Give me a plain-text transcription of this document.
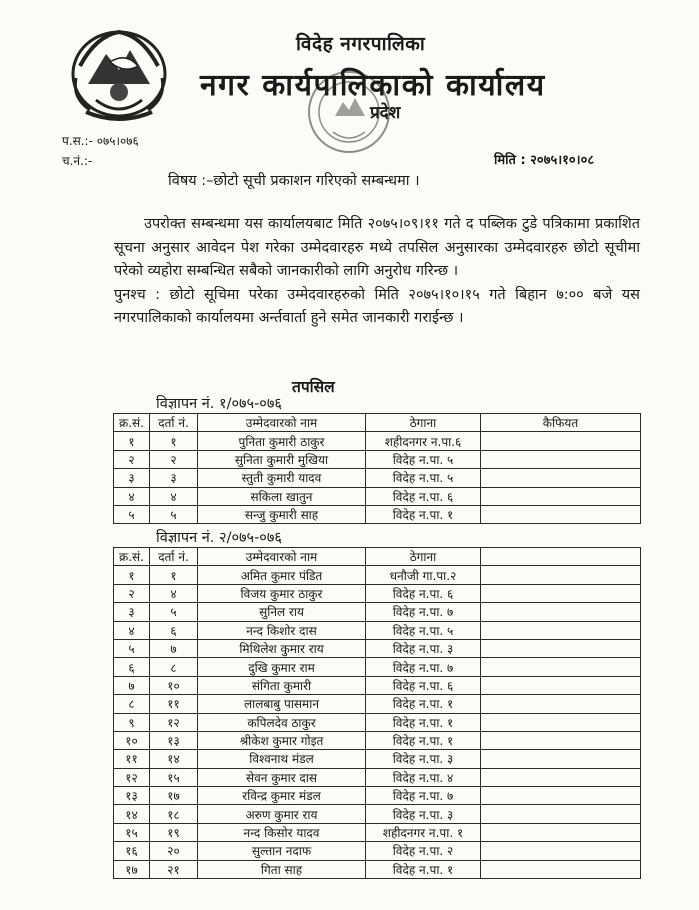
विदेह नगरपालिका
नगर कार्यपालिकाको कार्यालय
प्रदेश
प.स.:- ०७५।०७६
च.नं.:-	मिति : २०७५।१०।०८
विषय :–छोटो सूची प्रकाशन गरिएको सम्बन्धमा ।

उपरोक्त सम्बन्धमा यस कार्यालयबाट मिति २०७५।०९।११ गते द पब्लिक टुडे पत्रिकामा प्रकाशित सूचना अनुसार आवेदन पेश गरेका उम्मेदवारहरु मध्ये तपसिल अनुसारका उम्मेदवारहरु छोटो सूचीमा परेको व्यहोरा सम्बन्धित सबैको जानकारीको लागि अनुरोध गरिन्छ ।

पुनश्च : छोटो सूचिमा परेका उम्मेदवारहरुको मिति २०७५।१०।१५ गते बिहान ७:०० बजे यस नगरपालिकाको कार्यालयमा अर्न्तवार्ता हुने समेत जानकारी गराईन्छ ।

तपसिल
विज्ञापन नं. १/०७५-०७६
क्र.सं.	दर्ता नं.	उम्मेदवारको नाम	ठेगाना	कैफियत
१	१	पुनिता कुमारी ठाकुर	शहीदनगर न.पा.६	
२	२	सुनिता कुमारी मुखिया	विदेह न.पा. ५	
३	३	स्तुती कुमारी यादव	विदेह न.पा. ५	
४	४	सकिला खातुन	विदेह न.पा. ६	
५	५	सन्जु कुमारी साह	विदेह न.पा. १	
विज्ञापन नं. २/०७५-०७६
क्र.सं.	दर्ता नं.	उम्मेदवारको नाम	ठेगाना	
१	१	अमित कुमार पंडित	धनौजी गा.पा.२	
२	४	विजय कुमार ठाकुर	विदेह न.पा. ६	
३	५	सुनिल राय	विदेह न.पा. ७	
४	६	नन्द किशोर दास	विदेह न.पा. ५	
५	७	मिथिलेश कुमार राय	विदेह न.पा. ३	
६	८	दुखि कुमार राम	विदेह न.पा. ७	
७	१०	संगिता कुमारी	विदेह न.पा. ६	
८	११	लालबाबु पासमान	विदेह न.पा. १	
९	१२	कपिलदेव ठाकुर	विदेह न.पा. १	
१०	१३	श्रीकेश कुमार गोइत	विदेह न.पा. १	
११	१४	विश्वनाथ मंडल	विदेह न.पा. ३	
१२	१५	सेवन कुमार दास	विदेह न.पा. ४	
१३	१७	रविन्द्र कुमार मंडल	विदेह न.पा. ७	
१४	१८	अरुण कुमार राय	विदेह न.पा. ३	
१५	१९	नन्द किसोर यादव	शहीदनगर न.पा. १	
१६	२०	सुल्तान नदाफ	विदेह न.पा. २	
१७	२१	गिता साह	विदेह न.पा. १	
